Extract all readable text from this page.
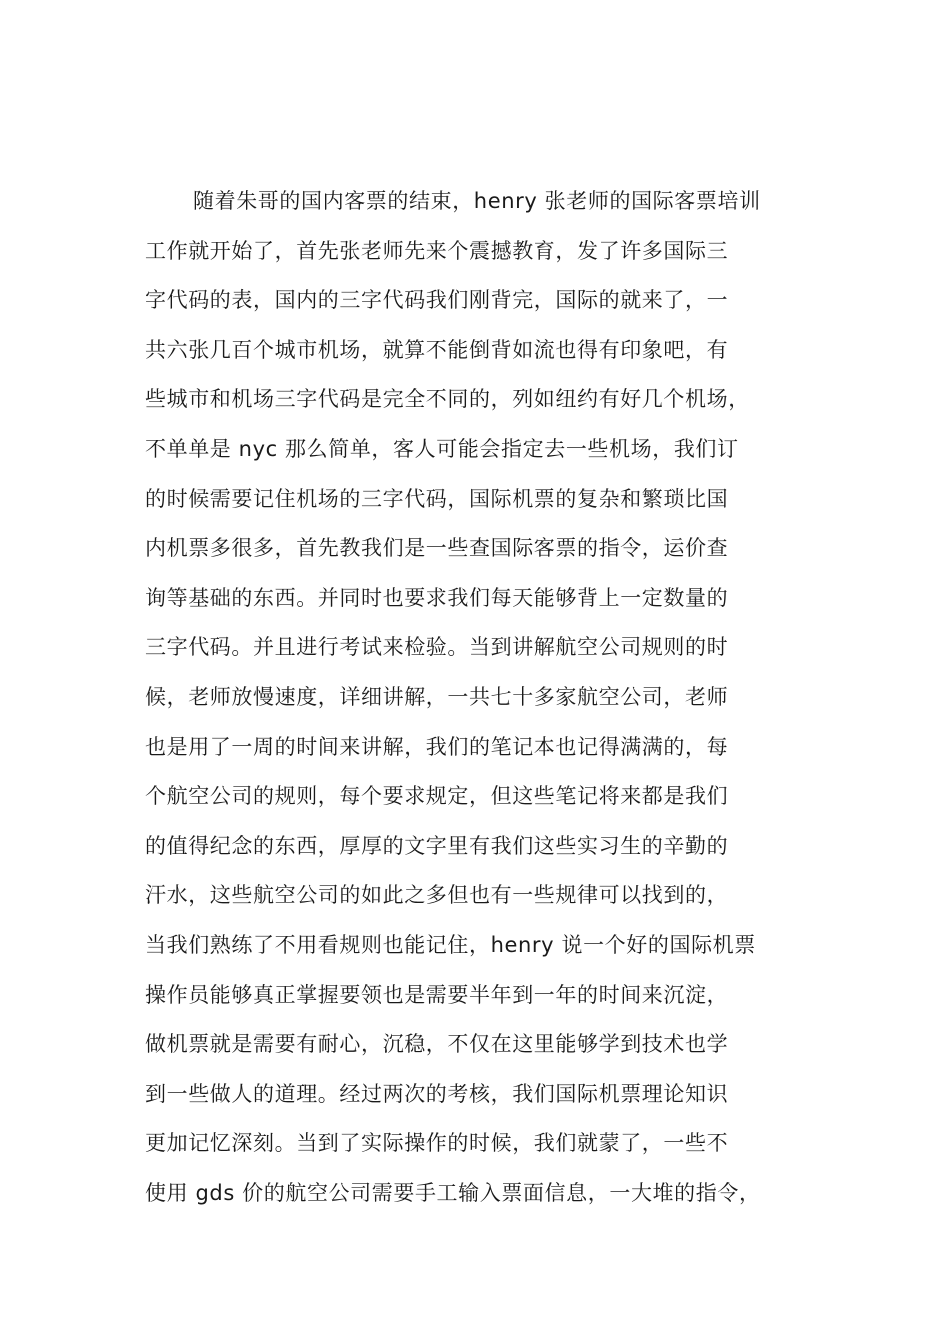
随着朱哥的国内客票的结束，henry 张老师的国际客票培训
工作就开始了，首先张老师先来个震撼教育，发了许多国际三
字代码的表，国内的三字代码我们刚背完，国际的就来了，一
共六张几百个城市机场，就算不能倒背如流也得有印象吧，有
些城市和机场三字代码是完全不同的，列如纽约有好几个机场，
不单单是 nyc 那么简单，客人可能会指定去一些机场，我们订
的时候需要记住机场的三字代码，国际机票的复杂和繁琐比国
内机票多很多，首先教我们是一些查国际客票的指令，运价查
询等基础的东西。并同时也要求我们每天能够背上一定数量的
三字代码。并且进行考试来检验。当到讲解航空公司规则的时
候，老师放慢速度，详细讲解，一共七十多家航空公司，老师
也是用了一周的时间来讲解，我们的笔记本也记得满满的，每
个航空公司的规则，每个要求规定，但这些笔记将来都是我们
的值得纪念的东西，厚厚的文字里有我们这些实习生的辛勤的
汗水，这些航空公司的如此之多但也有一些规律可以找到的，
当我们熟练了不用看规则也能记住，henry 说一个好的国际机票
操作员能够真正掌握要领也是需要半年到一年的时间来沉淀，
做机票就是需要有耐心，沉稳，不仅在这里能够学到技术也学
到一些做人的道理。经过两次的考核，我们国际机票理论知识
更加记忆深刻。当到了实际操作的时候，我们就蒙了，一些不
使用 gds 价的航空公司需要手工输入票面信息，一大堆的指令，
